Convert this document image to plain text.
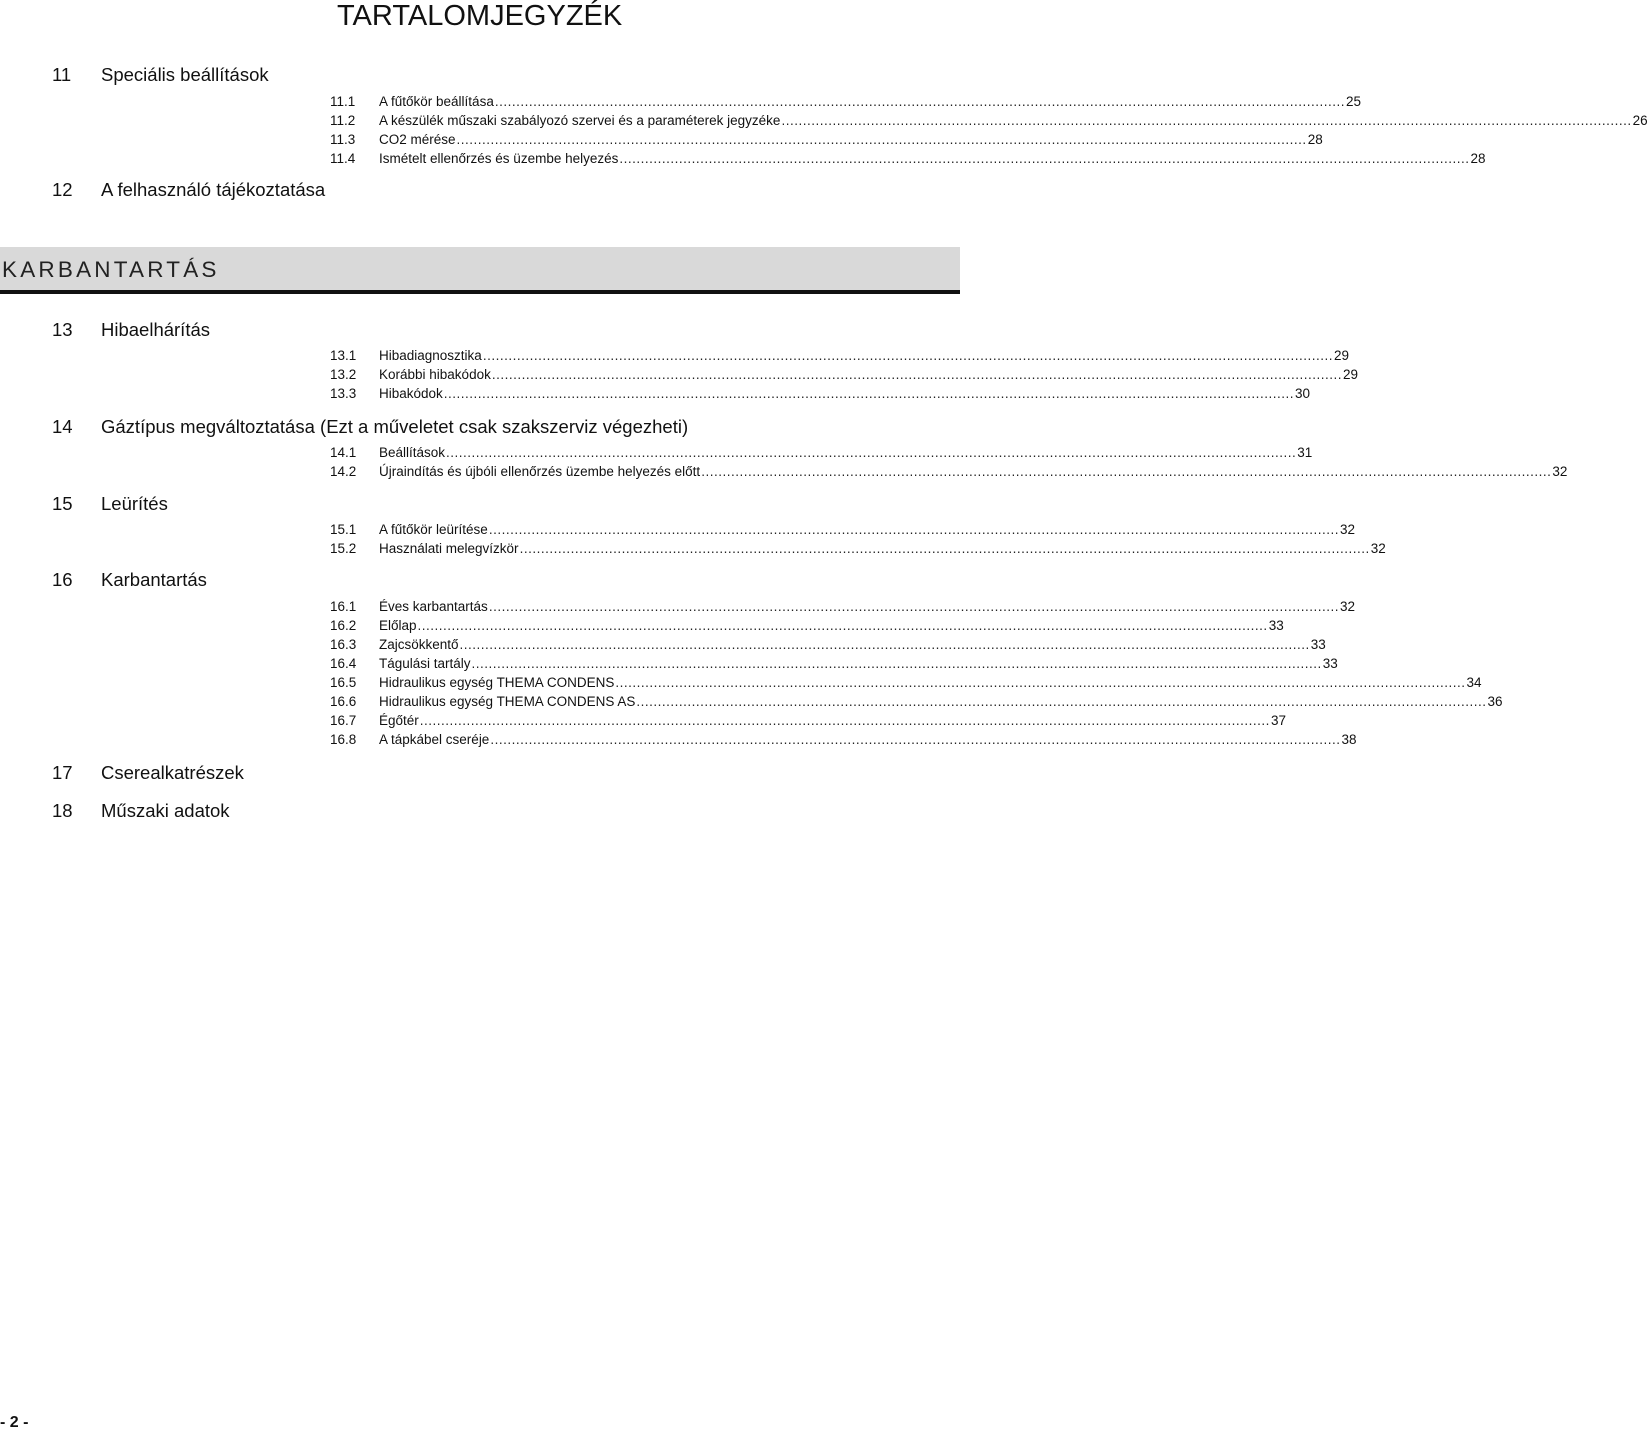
TARTALOMJEGYZÉK
11 Speciális beállítások
11.1 A fűtőkör beállítása ........................................................................................................................................................................................................ 25
11.2 A készülék műszaki szabályozó szervei és a paraméterek jegyzéke ........................................................................................................................................................................................................ 26
11.3 CO2 mérése ........................................................................................................................................................................................................ 28
11.4 Ismételt ellenőrzés és üzembe helyezés ........................................................................................................................................................................................................ 28
12 A felhasználó tájékoztatása
KARBANTARTÁS
13 Hibaelhárítás
13.1 Hibadiagnosztika ........................................................................................................................................................................................................ 29
13.2 Korábbi hibakódok ........................................................................................................................................................................................................ 29
13.3 Hibakódok ........................................................................................................................................................................................................ 30
14 Gáztípus megváltoztatása (Ezt a műveletet csak szakszerviz végezheti)
14.1 Beállítások ........................................................................................................................................................................................................ 31
14.2 Újraindítás és újbóli ellenőrzés üzembe helyezés előtt ........................................................................................................................................................................................................ 32
15 Leürítés
15.1 A fűtőkör leürítése ........................................................................................................................................................................................................ 32
15.2 Használati melegvízkör ........................................................................................................................................................................................................ 32
16 Karbantartás
16.1 Éves karbantartás ........................................................................................................................................................................................................ 32
16.2 Előlap ........................................................................................................................................................................................................ 33
16.3 Zajcsökkentő ........................................................................................................................................................................................................ 33
16.4 Tágulási tartály ........................................................................................................................................................................................................ 33
16.5 Hidraulikus egység THEMA CONDENS ........................................................................................................................................................................................................ 34
16.6 Hidraulikus egység THEMA CONDENS AS ........................................................................................................................................................................................................ 36
16.7 Égőtér ........................................................................................................................................................................................................ 37
16.8 A tápkábel cseréje ........................................................................................................................................................................................................ 38
17 Cserealkatrészek
18 Műszaki adatok
- 2 -
